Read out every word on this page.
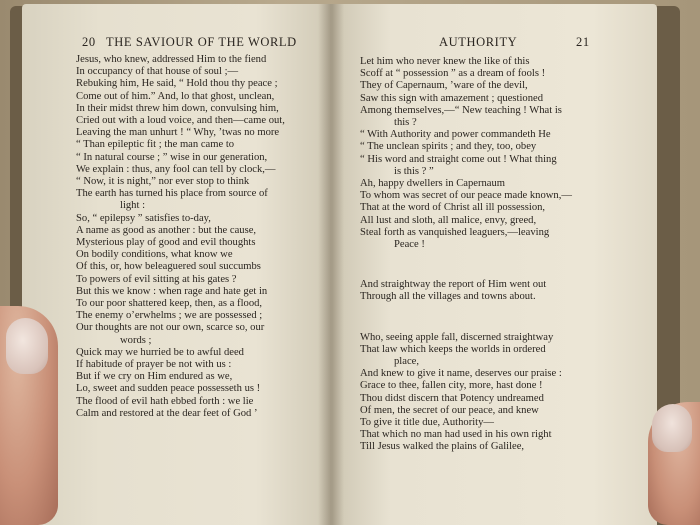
20 THE SAVIOUR OF THE WORLD
Jesus, who knew, addressed Him to the fiend
In occupancy of that house of soul ;—
Rebuking him, He said, “ Hold thou thy peace ;
Come out of him.” And, lo that ghost, unclean,
In their midst threw him down, convulsing him,
Cried out with a loud voice, and then—came out,
Leaving the man unhurt ! “ Why, ’twas no more
“ Than epileptic fit ; the man came to
“ In natural course ; ” wise in our generation,
We explain : thus, any fool can tell by clock,—
“ Now, it is night,” nor ever stop to think
The earth has turned his place from source of
light :
So, “ epilepsy ” satisfies to-day,
A name as good as another : but the cause,
Mysterious play of good and evil thoughts
On bodily conditions, what know we
Of this, or, how beleaguered soul succumbs
To powers of evil sitting at his gates ?
But this we know : when rage and hate get in
To our poor shattered keep, then, as a flood,
The enemy o’erwhelms ; we are possessed ;
Our thoughts are not our own, scarce so, our
words ;
Quick may we hurried be to awful deed
If habitude of prayer be not with us :
But if we cry on Him endured as we,
Lo, sweet and sudden peace possesseth us !
The flood of evil hath ebbed forth : we lie
Calm and restored at the dear feet of God ’
AUTHORITY	21
Let him who never knew the like of this
Scoff at “ possession ” as a dream of fools !
They of Capernaum, ’ware of the devil,
Saw this sign with amazement ; questioned
Among themselves,—“ New teaching ! What is
this ?
“ With Authority and power commandeth He
“ The unclean spirits ; and they, too, obey
“ His word and straight come out ! What thing
is this ? ”
Ah, happy dwellers in Capernaum
To whom was secret of our peace made known,—
That at the word of Christ all ill possession,
All lust and sloth, all malice, envy, greed,
Steal forth as vanquished leaguers,—leaving
Peace !
And straightway the report of Him went out
Through all the villages and towns about.
Who, seeing apple fall, discerned straightway
That law which keeps the worlds in ordered
place,
And knew to give it name, deserves our praise :
Grace to thee, fallen city, more, hast done !
Thou didst discern that Potency undreamed
Of men, the secret of our peace, and knew
To give it title due, Authority—
That which no man had used in his own right
Till Jesus walked the plains of Galilee,
